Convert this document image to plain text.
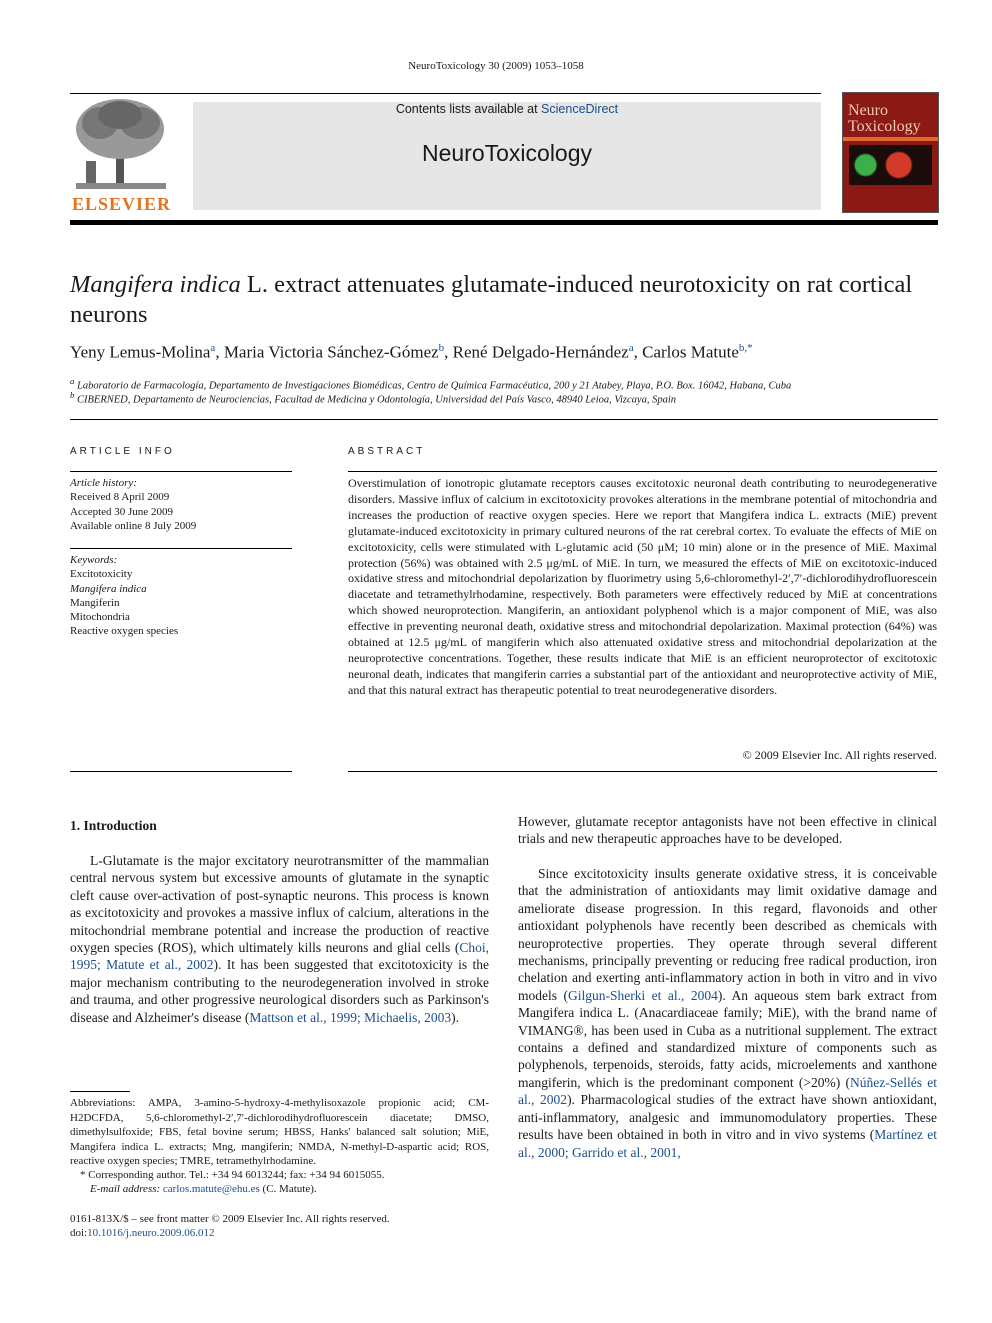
NeuroToxicology 30 (2009) 1053–1058
ELSEVIER
Contents lists available at ScienceDirect
NeuroToxicology
Neuro
Toxicology
Mangifera indica L. extract attenuates glutamate-induced neurotoxicity on rat cortical neurons
Yeny Lemus-Molina$^a$, Maria Victoria Sánchez-Gómez$^b$, René Delgado-Hernández$^a$, Carlos Matute$^{b,*}$
$^a$ Laboratorio de Farmacología, Departamento de Investigaciones Biomédicas, Centro de Química Farmacéutica, 200 y 21 Atabey, Playa, P.O. Box. 16042, Habana, Cuba
$^b$ CIBERNED, Departamento de Neurociencias, Facultad de Medicina y Odontología, Universidad del País Vasco, 48940 Leioa, Vizcaya, Spain
ARTICLE INFO
Article history:
Received 8 April 2009
Accepted 30 June 2009
Available online 8 July 2009
Keywords:
Excitotoxicity
Mangifera indica
Mangiferin
Mitochondria
Reactive oxygen species
ABSTRACT
Overstimulation of ionotropic glutamate receptors causes excitotoxic neuronal death contributing to neurodegenerative disorders. Massive influx of calcium in excitotoxicity provokes alterations in the membrane potential of mitochondria and increases the production of reactive oxygen species. Here we report that Mangifera indica L. extracts (MiE) prevent glutamate-induced excitotoxicity in primary cultured neurons of the rat cerebral cortex. To evaluate the effects of MiE on excitotoxicity, cells were stimulated with L-glutamic acid (50 μM; 10 min) alone or in the presence of MiE. Maximal protection (56%) was obtained with 2.5 μg/mL of MiE. In turn, we measured the effects of MiE on excitotoxic-induced oxidative stress and mitochondrial depolarization by fluorimetry using 5,6-chloromethyl-2′,7′-dichlorodihydrofluorescein diacetate and tetramethylrhodamine, respectively. Both parameters were effectively reduced by MiE at concentrations which showed neuroprotection. Mangiferin, an antioxidant polyphenol which is a major component of MiE, was also effective in preventing neuronal death, oxidative stress and mitochondrial depolarization. Maximal protection (64%) was obtained at 12.5 μg/mL of mangiferin which also attenuated oxidative stress and mitochondrial depolarization at the neuroprotective concentrations. Together, these results indicate that MiE is an efficient neuroprotector of excitotoxic neuronal death, indicates that mangiferin carries a substantial part of the antioxidant and neuroprotective activity of MiE, and that this natural extract has therapeutic potential to treat neurodegenerative disorders.
© 2009 Elsevier Inc. All rights reserved.
1. Introduction
L-Glutamate is the major excitatory neurotransmitter of the mammalian central nervous system but excessive amounts of glutamate in the synaptic cleft cause over-activation of post-synaptic neurons. This process is known as excitotoxicity and provokes a massive influx of calcium, alterations in the mitochondrial membrane potential and increase the production of reactive oxygen species (ROS), which ultimately kills neurons and glial cells (Choi, 1995; Matute et al., 2002). It has been suggested that excitotoxicity is the major mechanism contributing to the neurodegeneration involved in stroke and trauma, and other progressive neurological disorders such as Parkinson's disease and Alzheimer's disease (Mattson et al., 1999; Michaelis, 2003).
However, glutamate receptor antagonists have not been effective in clinical trials and new therapeutic approaches have to be developed.
Since excitotoxicity insults generate oxidative stress, it is conceivable that the administration of antioxidants may limit oxidative damage and ameliorate disease progression. In this regard, flavonoids and other antioxidant polyphenols have recently been described as chemicals with neuroprotective properties. They operate through several different mechanisms, principally preventing or reducing free radical production, iron chelation and exerting anti-inflammatory action in both in vitro and in vivo models (Gilgun-Sherki et al., 2004). An aqueous stem bark extract from Mangifera indica L. (Anacardiaceae family; MiE), with the brand name of VIMANG®, has been used in Cuba as a nutritional supplement. The extract contains a defined and standardized mixture of components such as polyphenols, terpenoids, steroids, fatty acids, microelements and xanthone mangiferin, which is the predominant component (>20%) (Núñez-Sellés et al., 2002). Pharmacological studies of the extract have shown antioxidant, anti-inflammatory, analgesic and immunomodulatory properties. These results have been obtained in both in vitro and in vivo systems (Martínez et al., 2000; Garrido et al., 2001,
Abbreviations: AMPA, 3-amino-5-hydroxy-4-methylisoxazole propionic acid; CM-H2DCFDA, 5,6-chloromethyl-2′,7′-dichlorodihydrofluorescein diacetate; DMSO, dimethylsulfoxide; FBS, fetal bovine serum; HBSS, Hanks' balanced salt solution; MiE, Mangifera indica L. extracts; Mng, mangiferin; NMDA, N-methyl-D-aspartic acid; ROS, reactive oxygen species; TMRE, tetramethylrhodamine.
* Corresponding author. Tel.: +34 94 6013244; fax: +34 94 6015055.
E-mail address: carlos.matute@ehu.es (C. Matute).
0161-813X/$ – see front matter © 2009 Elsevier Inc. All rights reserved.
doi:10.1016/j.neuro.2009.06.012
